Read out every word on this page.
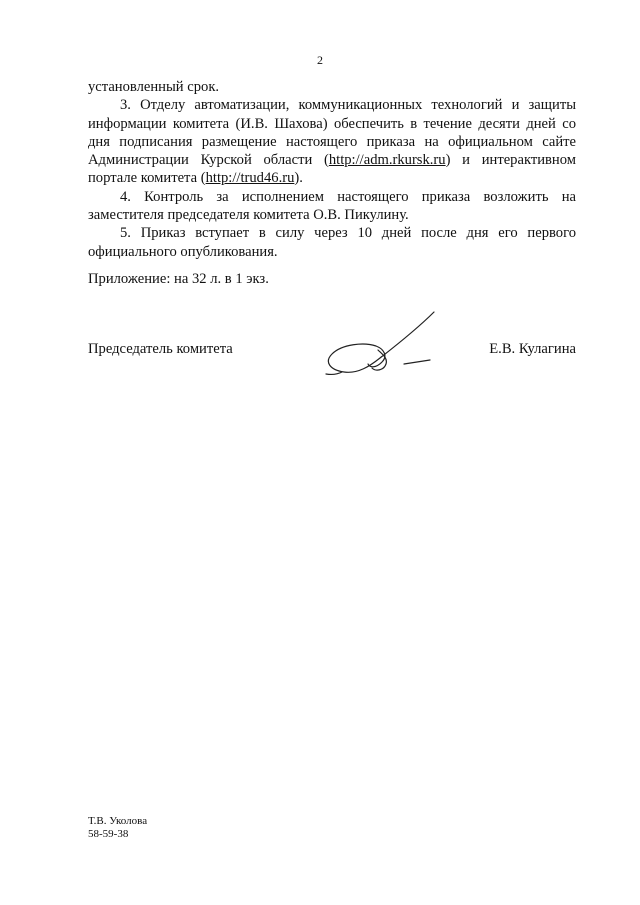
2

установленный срок.

3. Отделу автоматизации, коммуникационных технологий и защиты информации комитета (И.В. Шахова) обеспечить в течение десяти дней со дня подписания размещение настоящего приказа на официальном сайте Администрации Курской области (http://adm.rkursk.ru) и интерактивном портале комитета (http://trud46.ru).

4. Контроль за исполнением настоящего приказа возложить на заместителя председателя комитета О.В. Пикулину.

5. Приказ вступает в силу через 10 дней после дня его первого официального опубликования.

Приложение: на 32 л. в 1 экз.
Председатель комитета	Е.В. Кулагина
Т.В. Уколова
58-59-38
